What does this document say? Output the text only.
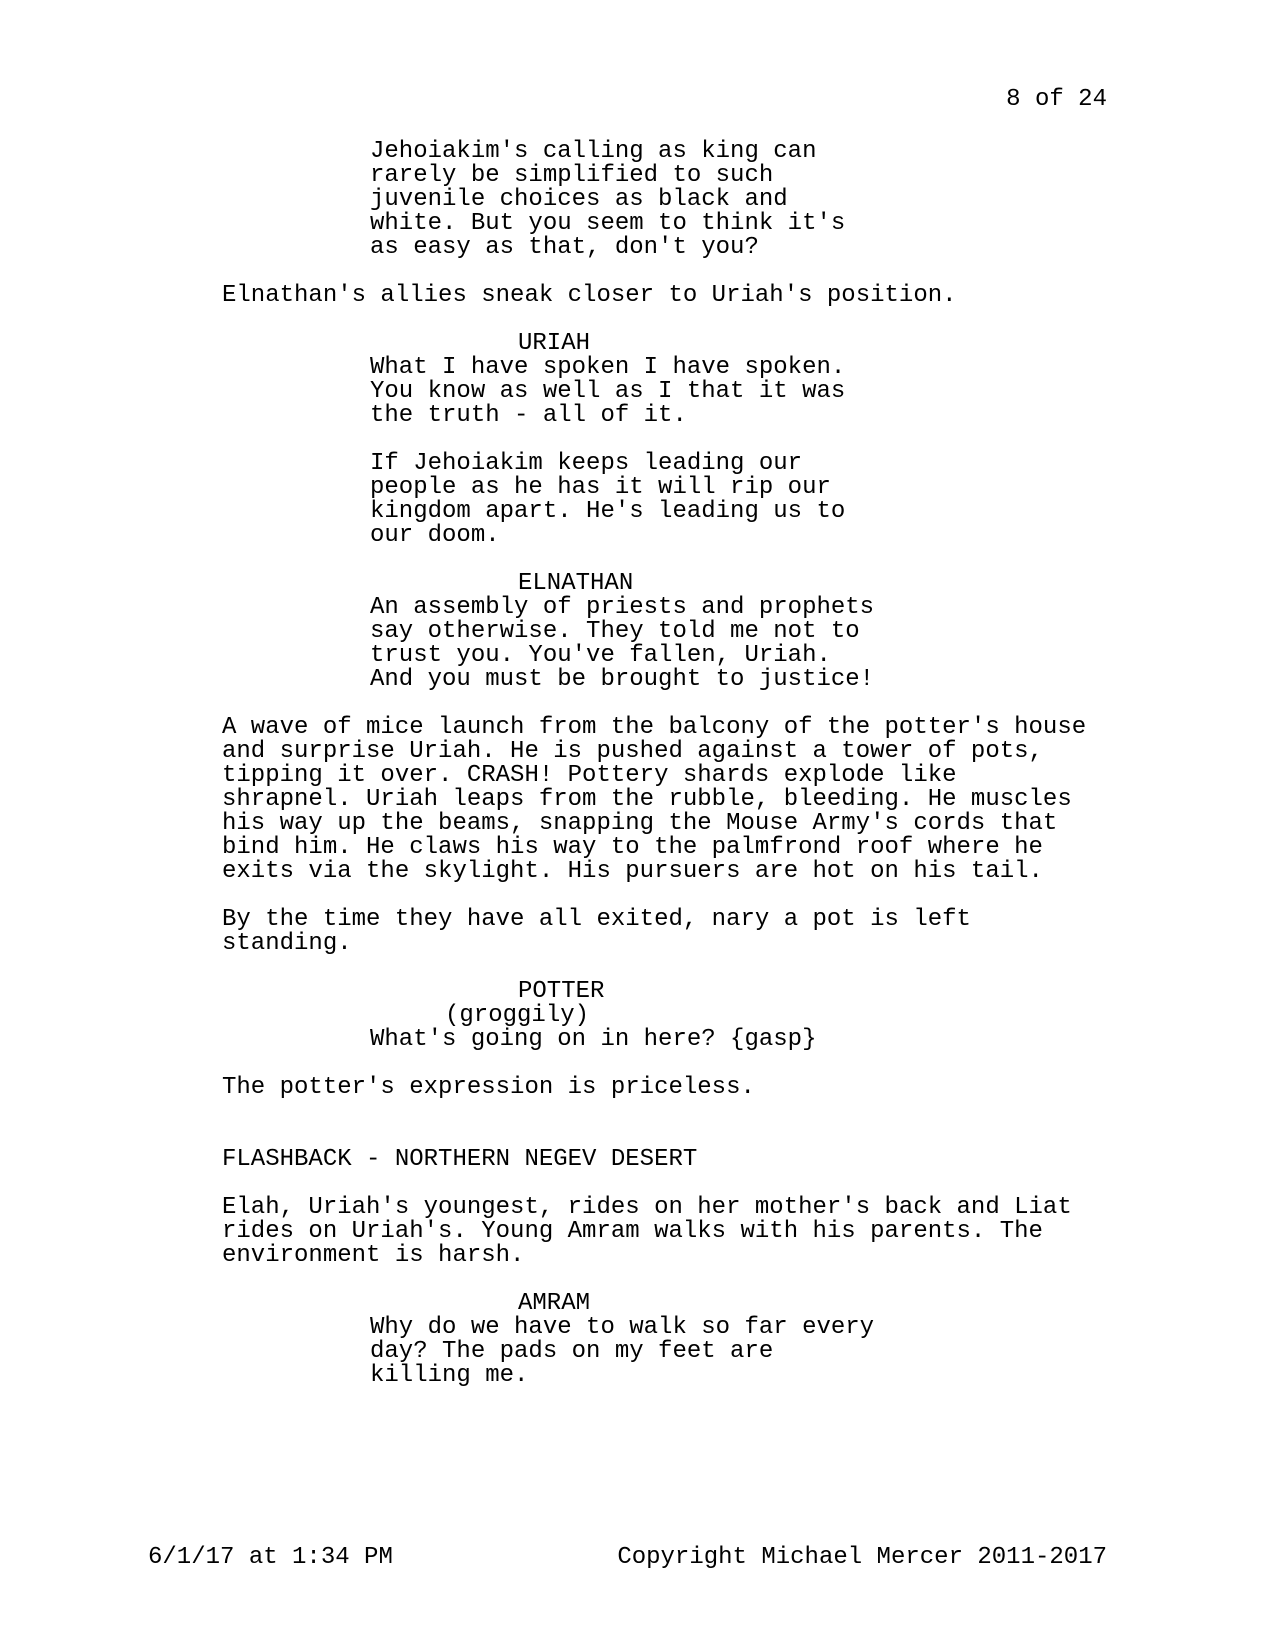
8 of 24
Jehoiakim's calling as king can
rarely be simplified to such
juvenile choices as black and
white. But you seem to think it's
as easy as that, don't you?
Elnathan's allies sneak closer to Uriah's position.
URIAH
What I have spoken I have spoken.
You know as well as I that it was
the truth - all of it.
If Jehoiakim keeps leading our
people as he has it will rip our
kingdom apart. He's leading us to
our doom.
ELNATHAN
An assembly of priests and prophets
say otherwise. They told me not to
trust you. You've fallen, Uriah.
And you must be brought to justice!
A wave of mice launch from the balcony of the potter's house
and surprise Uriah. He is pushed against a tower of pots,
tipping it over. CRASH! Pottery shards explode like
shrapnel. Uriah leaps from the rubble, bleeding. He muscles
his way up the beams, snapping the Mouse Army's cords that
bind him. He claws his way to the palmfrond roof where he
exits via the skylight. His pursuers are hot on his tail.
By the time they have all exited, nary a pot is left
standing.
POTTER
(groggily)
What's going on in here? {gasp}
The potter's expression is priceless.
FLASHBACK - NORTHERN NEGEV DESERT
Elah, Uriah's youngest, rides on her mother's back and Liat
rides on Uriah's. Young Amram walks with his parents. The
environment is harsh.
AMRAM
Why do we have to walk so far every
day? The pads on my feet are
killing me.
6/1/17 at 1:34 PM	Copyright Michael Mercer 2011-2017
